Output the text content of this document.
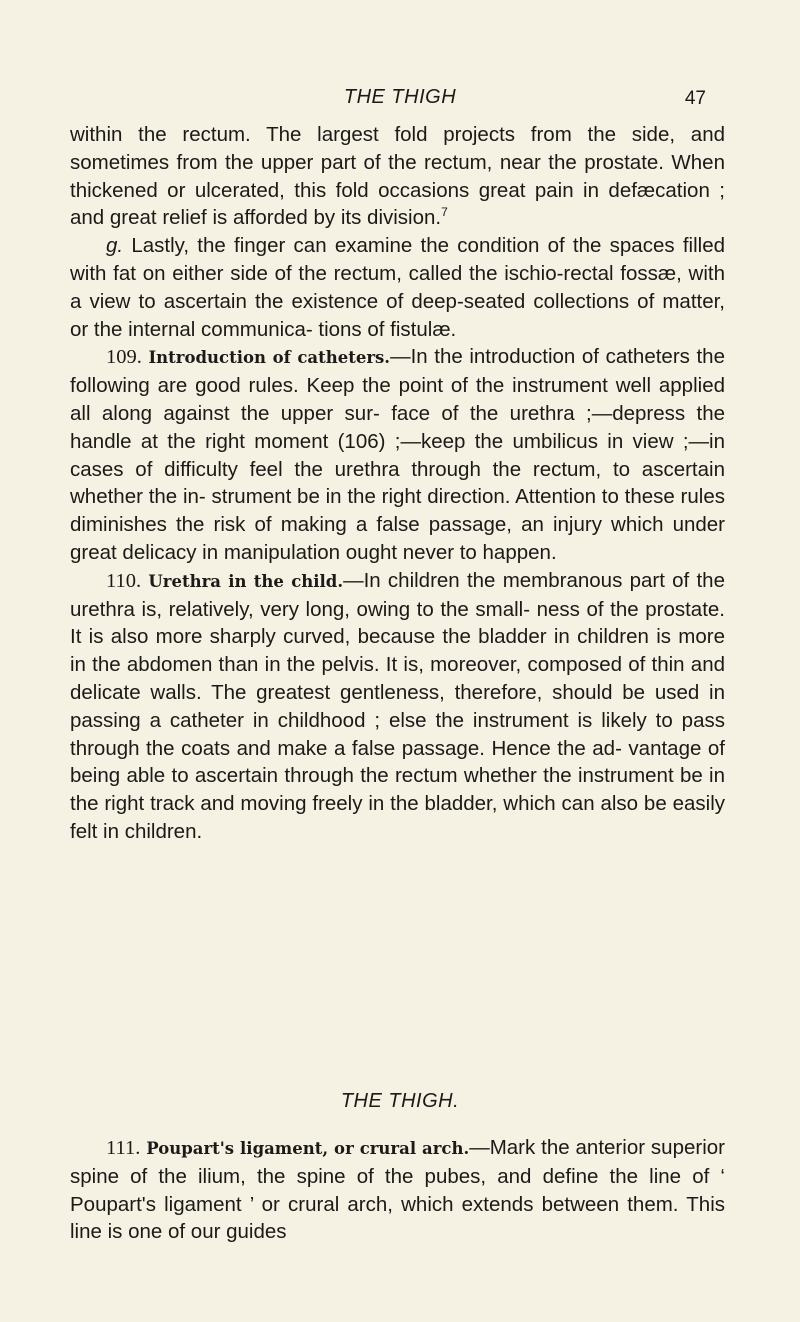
THE THIGH	47

within the rectum. The largest fold projects from the side, and sometimes from the upper part of the rectum, near the prostate. When thickened or ulcerated, this fold occasions great pain in defæcation ; and great relief is afforded by its division.$^7$

g. Lastly, the finger can examine the condition of the spaces filled with fat on either side of the rectum, called the ischio-rectal fossæ, with a view to ascertain the existence of deep-seated collections of matter, or the internal communica- tions of fistulæ.

109. Introduction of catheters.—In the introduction of catheters the following are good rules. Keep the point of the instrument well applied all along against the upper sur- face of the urethra ;—depress the handle at the right moment (106) ;—keep the umbilicus in view ;—in cases of difficulty feel the urethra through the rectum, to ascertain whether the in- strument be in the right direction. Attention to these rules diminishes the risk of making a false passage, an injury which under great delicacy in manipulation ought never to happen.

110. Urethra in the child.—In children the membranous part of the urethra is, relatively, very long, owing to the small- ness of the prostate. It is also more sharply curved, because the bladder in children is more in the abdomen than in the pelvis. It is, moreover, composed of thin and delicate walls. The greatest gentleness, therefore, should be used in passing a catheter in childhood ; else the instrument is likely to pass through the coats and make a false passage. Hence the ad- vantage of being able to ascertain through the rectum whether the instrument be in the right track and moving freely in the bladder, which can also be easily felt in children.

THE THIGH.

111. Poupart's ligament, or crural arch.—Mark the anterior superior spine of the ilium, the spine of the pubes, and define the line of ‘ Poupart's ligament ’ or crural arch, which extends between them. This line is one of our guides
